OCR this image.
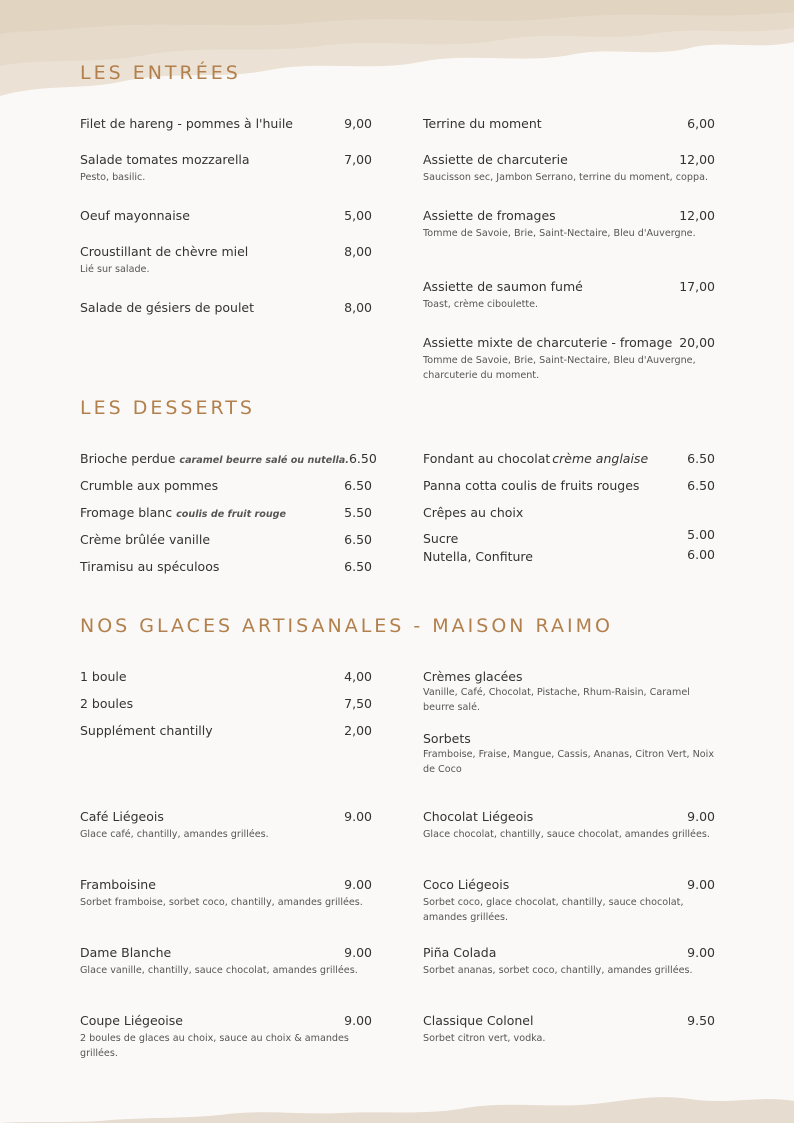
LES ENTRÉES
Filet de hareng - pommes à l'huile	9,00
Salade tomates mozzarella	7,00
Pesto, basilic.
Oeuf mayonnaise	5,00
Croustillant de chèvre miel	8,00
Lié sur salade.
Salade de gésiers de poulet	8,00
Terrine du moment	6,00
Assiette de charcuterie	12,00
Saucisson sec, Jambon Serrano, terrine du moment, coppa.
Assiette de fromages	12,00
Tomme de Savoie, Brie, Saint-Nectaire, Bleu d'Auvergne.
Assiette de saumon fumé	17,00
Toast, crème ciboulette.
Assiette mixte de charcuterie - fromage 20,00
Tomme de Savoie, Brie, Saint-Nectaire, Bleu d'Auvergne, charcuterie du moment.
LES DESSERTS
Brioche perdue caramel beurre salé ou nutella. 6.50
Crumble aux pommes	6.50
Fromage blanc coulis de fruit rouge	5.50
Crème brûlée vanille	6.50
Tiramisu au spéculoos	6.50
Fondant au chocolat crème anglaise	6.50
Panna cotta coulis de fruits rouges	6.50
Crêpes au choix
Sucre	5.00
Nutella, Confiture	6.00
NOS GLACES ARTISANALES - MAISON RAIMO
1 boule	4,00
2 boules	7,50
Supplément chantilly	2,00
Crèmes glacées
Vanille, Café, Chocolat, Pistache, Rhum-Raisin, Caramel beurre salé.
Sorbets
Framboise, Fraise, Mangue, Cassis, Ananas, Citron Vert, Noix de Coco
Café Liégeois	9.00
Glace café, chantilly, amandes grillées.
Framboisine	9.00
Sorbet framboise, sorbet coco, chantilly, amandes grillées.
Dame Blanche	9.00
Glace vanille, chantilly, sauce chocolat, amandes grillées.
Coupe Liégeoise	9.00
2 boules de glaces au choix, sauce au choix & amandes grillées.
Chocolat Liégeois	9.00
Glace chocolat, chantilly, sauce chocolat, amandes grillées.
Coco Liégeois	9.00
Sorbet coco, glace chocolat, chantilly, sauce chocolat, amandes grillées.
Piña Colada	9.00
Sorbet ananas, sorbet coco, chantilly, amandes grillées.
Classique Colonel	9.50
Sorbet citron vert, vodka.
